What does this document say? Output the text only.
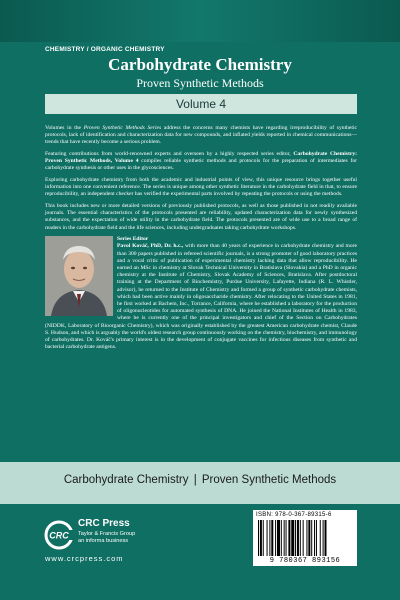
CHEMISTRY / ORGANIC CHEMISTRY
Carbohydrate Chemistry
Proven Synthetic Methods
Volume 4

Volumes in the Proven Synthetic Methods Series address the concerns many chemists have regarding irreproducibility of synthetic protocols, lack of identification and characterization data for new compounds, and inflated yields reported in chemical communications—trends that have recently become a serious problem.

Featuring contributions from world-renowned experts and overseen by a highly respected series editor, Carbohydrate Chemistry: Proven Synthetic Methods, Volume 4 compiles reliable synthetic methods and protocols for the preparation of intermediates for carbohydrate synthesis or other uses in the glycosciences.

Exploring carbohydrate chemistry from both the academic and industrial points of view, this unique resource brings together useful information into one convenient reference. The series is unique among other synthetic literature in the carbohydrate field in that, to ensure reproducibility, an independent checker has verified the experimental parts involved by repeating the protocols or using the methods.

This book includes new or more detailed versions of previously published protocols, as well as those published in not readily available journals. The essential characteristics of the protocols presented are reliability, updated characterization data for newly synthesized substances, and the expectation of wide utility in the carbohydrate field. The protocols presented are of wide use to a broad range of readers in the carbohydrate field and the life sciences, including undergraduates taking carbohydrate workshops.

Series Editor
Pavol Kováč, PhD, Dr. h.c., with more than 40 years of experience in carbohydrate chemistry and more than 300 papers published in refereed scientific journals, is a strong promoter of good laboratory practices and a vocal critic of publication of experimental chemistry lacking data that allow reproducibility. He earned an MSc in chemistry at Slovak Technical University in Bratislava (Slovakia) and a PhD in organic chemistry at the Institute of Chemistry, Slovak Academy of Sciences, Bratislava. After postdoctoral training at the Department of Biochemistry, Purdue University, Lafayette, Indiana (R. L. Whistler, advisor), he returned to the Institute of Chemistry and formed a group of synthetic carbohydrate chemists, which had been active mainly in oligosaccharide chemistry. After relocating to the United States in 1981, he first worked at Bachem, Inc., Torrance, California, where he established a laboratory for the production of oligonucleotides for automated synthesis of DNA. He joined the National Institutes of Health in 1983, where he is currently one of the principal investigators and chief of the Section on Carbohydrates (NIDDK, Laboratory of Bioorganic Chemistry), which was originally established by the greatest American carbohydrate chemist, Claude S. Hudson, and which is arguably the world's oldest research group continuously working on the chemistry, biochemistry, and immunology of carbohydrates. Dr. Kováč's primary interest is in the development of conjugate vaccines for infectious diseases from synthetic and bacterial carbohydrate antigens.
Carbohydrate Chemistry | Proven Synthetic Methods
CRC
CRC Press
Taylor & Francis Group
an informa business
www.crcpress.com
ISBN: 978-0-367-89315-6
9 780367 893156
